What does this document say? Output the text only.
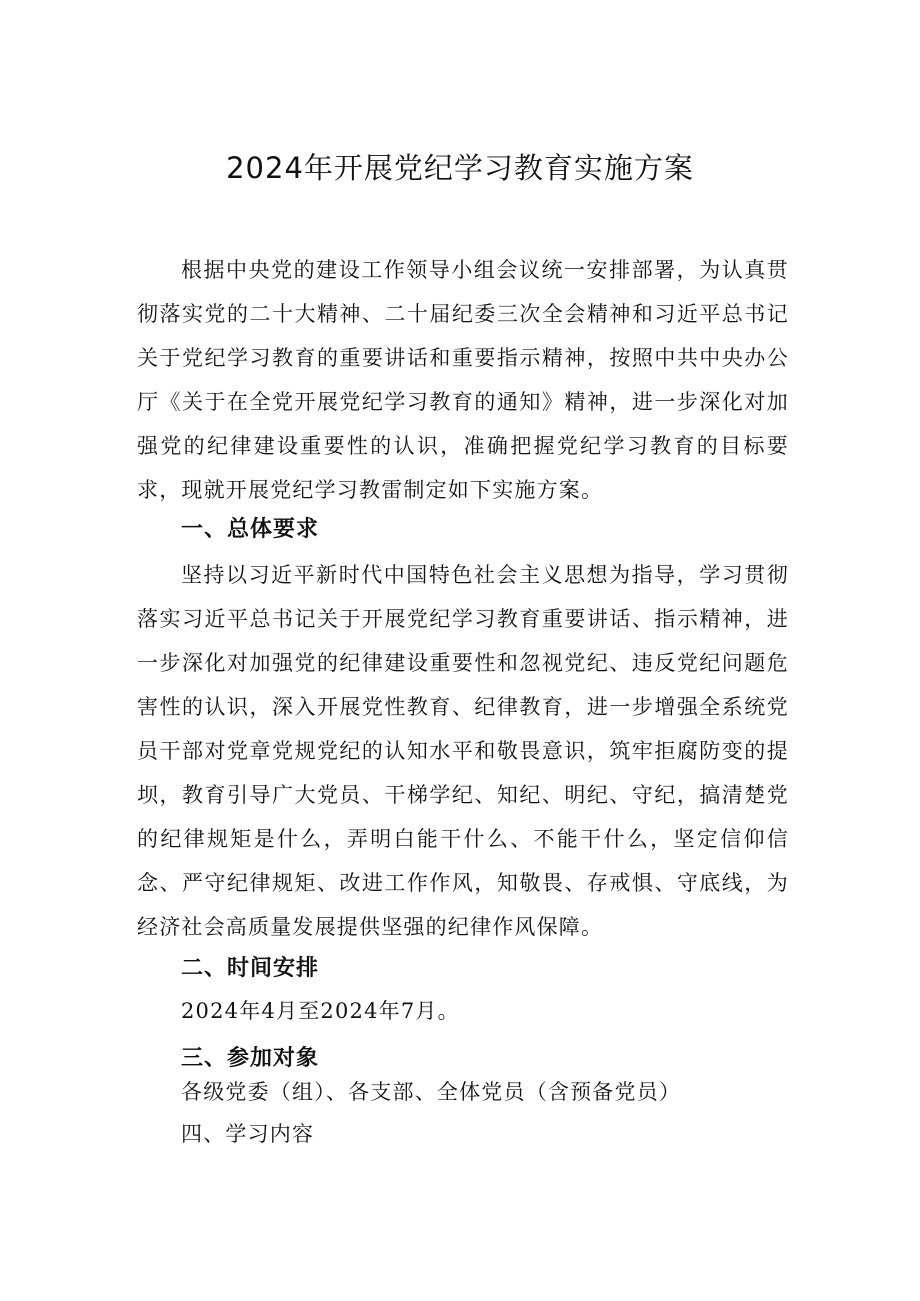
2024年开展党纪学习教育实施方案

根据中央党的建设工作领导小组会议统一安排部署，为认真贯彻落实党的二十大精神、二十届纪委三次全会精神和习近平总书记关于党纪学习教育的重要讲话和重要指示精神，按照中共中央办公厅《关于在全党开展党纪学习教育的通知》精神，进一步深化对加强党的纪律建设重要性的认识，准确把握党纪学习教育的目标要求，现就开展党纪学习教雷制定如下实施方案。

一、总体要求

坚持以习近平新时代中国特色社会主义思想为指导，学习贯彻落实习近平总书记关于开展党纪学习教育重要讲话、指示精神，进一步深化对加强党的纪律建设重要性和忽视党纪、违反党纪问题危害性的认识，深入开展党性教育、纪律教育，进一步增强全系统党员干部对党章党规党纪的认知水平和敬畏意识，筑牢拒腐防变的提坝，教育引导广大党员、干梯学纪、知纪、明纪、守纪，搞清楚党的纪律规矩是什么，弄明白能干什么、不能干什么，坚定信仰信念、严守纪律规矩、改进工作作风，知敬畏、存戒惧、守底线，为经济社会高质量发展提供坚强的纪律作风保障。

二、时间安排

2024年4月至2024年7月。

三、参加对象

各级党委（组）、各支部、全体党员（含预备党员）

四、学习内容
